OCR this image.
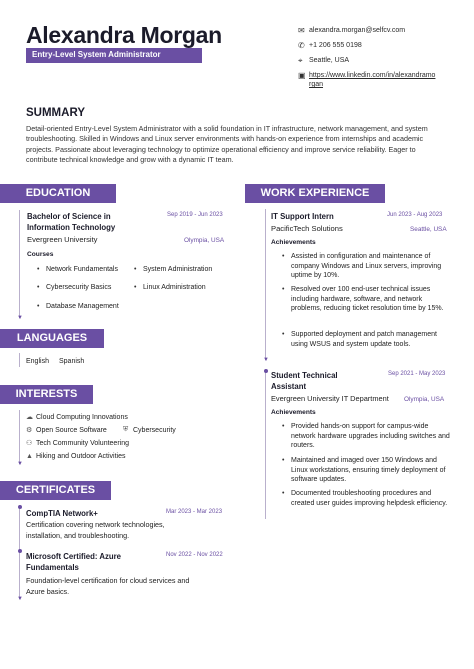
Alexandra Morgan
Entry-Level System Administrator
✉ alexandra.morgan@selfcv.com
✆ +1 206 555 0198
⌖ Seattle, USA
▣ https://www.linkedin.com/in/alexandramo
rgan
SUMMARY
Detail-oriented Entry-Level System Administrator with a solid foundation in IT infrastructure, network management, and system troubleshooting. Skilled in Windows and Linux server environments with hands-on experience from internships and academic projects. Passionate about leveraging technology to optimize operational efficiency and improve service reliability. Eager to contribute technical knowledge and grow with a dynamic IT team.
EDUCATION
▼
Bachelor of Science in
Information Technology
Sep 2019 - Jun 2023
Evergreen University	Olympia, USA
Courses
• Network Fundamentals	• System Administration
• Cybersecurity Basics	• Linux Administration
• Database Management
LANGUAGES
English Spanish
INTERESTS
▼
☁ Cloud Computing Innovations
⚙ Open Source Software ⛨ Cybersecurity
⚇ Tech Community Volunteering
▲ Hiking and Outdoor Activities
CERTIFICATES
▼
CompTIA Network+	Mar 2023 - Mar 2023
Certification covering network technologies,
installation, and troubleshooting.
Microsoft Certified: Azure
Fundamentals
Nov 2022 - Nov 2022
Foundation-level certification for cloud services and
Azure basics.
WORK EXPERIENCE
▼
IT Support Intern	Jun 2023 - Aug 2023
PacificTech Solutions	Seattle, USA
Achievements
• Assisted in configuration and maintenance of company Windows and Linux servers, improving uptime by 10%.
• Resolved over 100 end-user technical issues including hardware, software, and network problems, reducing ticket resolution time by 15%.
• Supported deployment and patch management using WSUS and system update tools.
Student Technical
Assistant
Sep 2021 - May 2023
Evergreen University IT Department Olympia, USA
Achievements
• Provided hands-on support for campus-wide network hardware upgrades including switches and routers.
• Maintained and imaged over 150 Windows and Linux workstations, ensuring timely deployment of software updates.
• Documented troubleshooting procedures and created user guides improving helpdesk efficiency.
